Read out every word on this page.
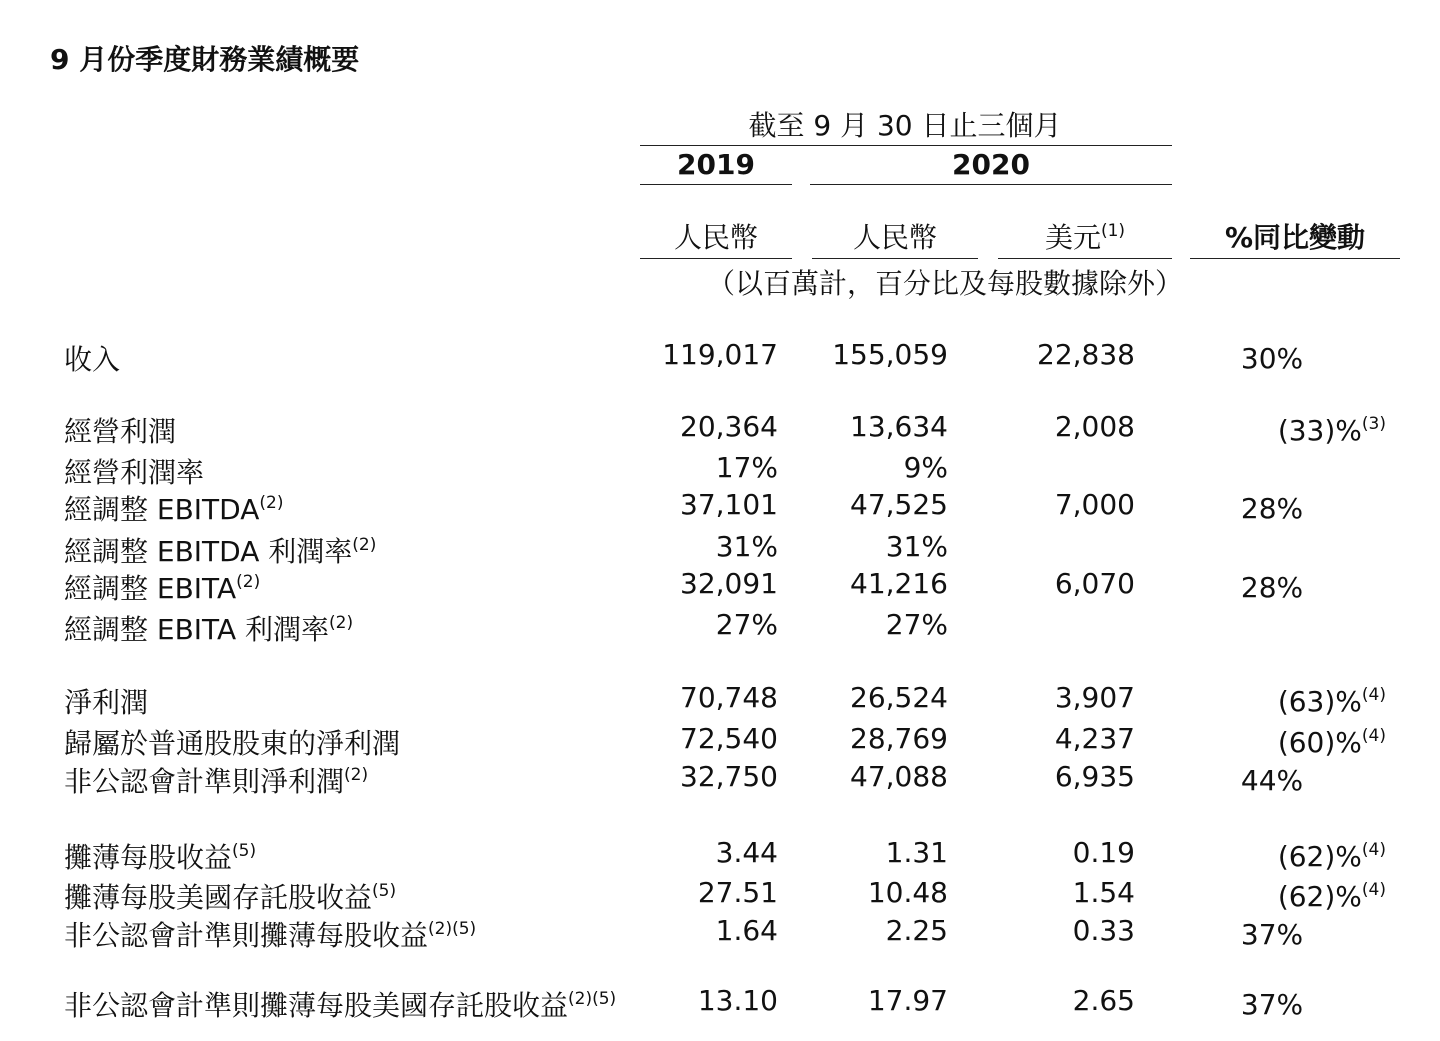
9 月份季度財務業績概要
截至 9 月 30 日止三個月
2019	2020
人民幣	人民幣	美元$^{(1)}$	%同比變動
（以百萬計，百分比及每股數據除外）
收入	119,017	155,059	22,838	30%
經營利潤	20,364	13,634	2,008	(33)%$^{(3)}$
經營利潤率	17%	9%
經調整 EBITDA$^{(2)}$	37,101	47,525	7,000	28%
經調整 EBITDA 利潤率$^{(2)}$	31%	31%
經調整 EBITA$^{(2)}$	32,091	41,216	6,070	28%
經調整 EBITA 利潤率$^{(2)}$	27%	27%
淨利潤	70,748	26,524	3,907	(63)%$^{(4)}$
歸屬於普通股股東的淨利潤	72,540	28,769	4,237	(60)%$^{(4)}$
非公認會計準則淨利潤$^{(2)}$	32,750	47,088	6,935	44%
攤薄每股收益$^{(5)}$	3.44	1.31	0.19	(62)%$^{(4)}$
攤薄每股美國存託股收益$^{(5)}$	27.51	10.48	1.54	(62)%$^{(4)}$
非公認會計準則攤薄每股收益$^{(2)(5)}$	1.64	2.25	0.33	37%
非公認會計準則攤薄每股美國存託股收益$^{(2)(5)}$	13.10	17.97	2.65	37%
